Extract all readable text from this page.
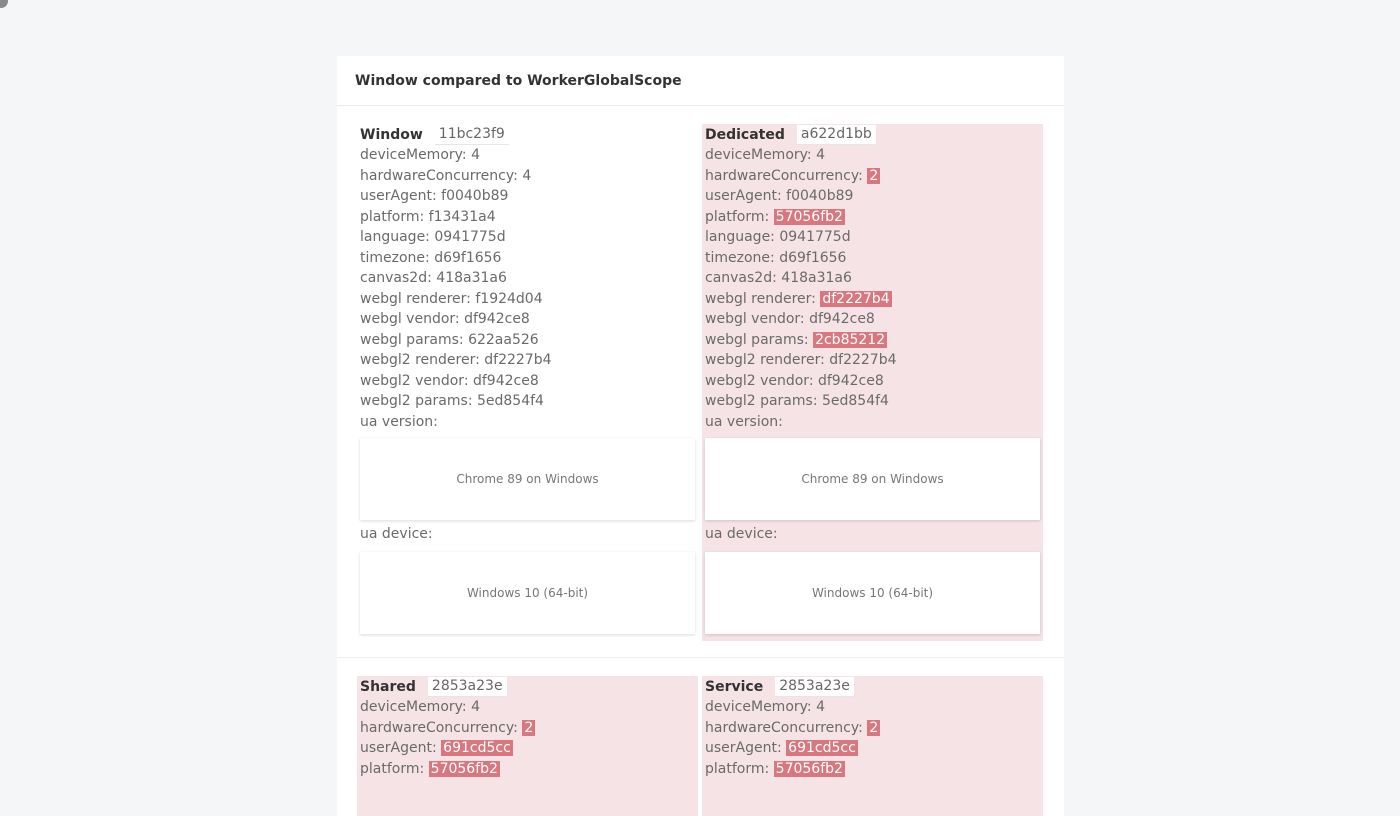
Window compared to WorkerGlobalScope
Window 11bc23f9
deviceMemory: 4
hardwareConcurrency: 4
userAgent: f0040b89
platform: f13431a4
language: 0941775d
timezone: d69f1656
canvas2d: 418a31a6
webgl renderer: f1924d04
webgl vendor: df942ce8
webgl params: 622aa526
webgl2 renderer: df2227b4
webgl2 vendor: df942ce8
webgl2 params: 5ed854f4
ua version:
Chrome 89 on Windows
ua device:
Windows 10 (64-bit)
Dedicated a622d1bb
deviceMemory: 4
hardwareConcurrency: 2
userAgent: f0040b89
platform: 57056fb2
language: 0941775d
timezone: d69f1656
canvas2d: 418a31a6
webgl renderer: df2227b4
webgl vendor: df942ce8
webgl params: 2cb85212
webgl2 renderer: df2227b4
webgl2 vendor: df942ce8
webgl2 params: 5ed854f4
ua version:
Chrome 89 on Windows
ua device:
Windows 10 (64-bit)
Shared 2853a23e
deviceMemory: 4
hardwareConcurrency: 2
userAgent: 691cd5cc
platform: 57056fb2
Service 2853a23e
deviceMemory: 4
hardwareConcurrency: 2
userAgent: 691cd5cc
platform: 57056fb2
